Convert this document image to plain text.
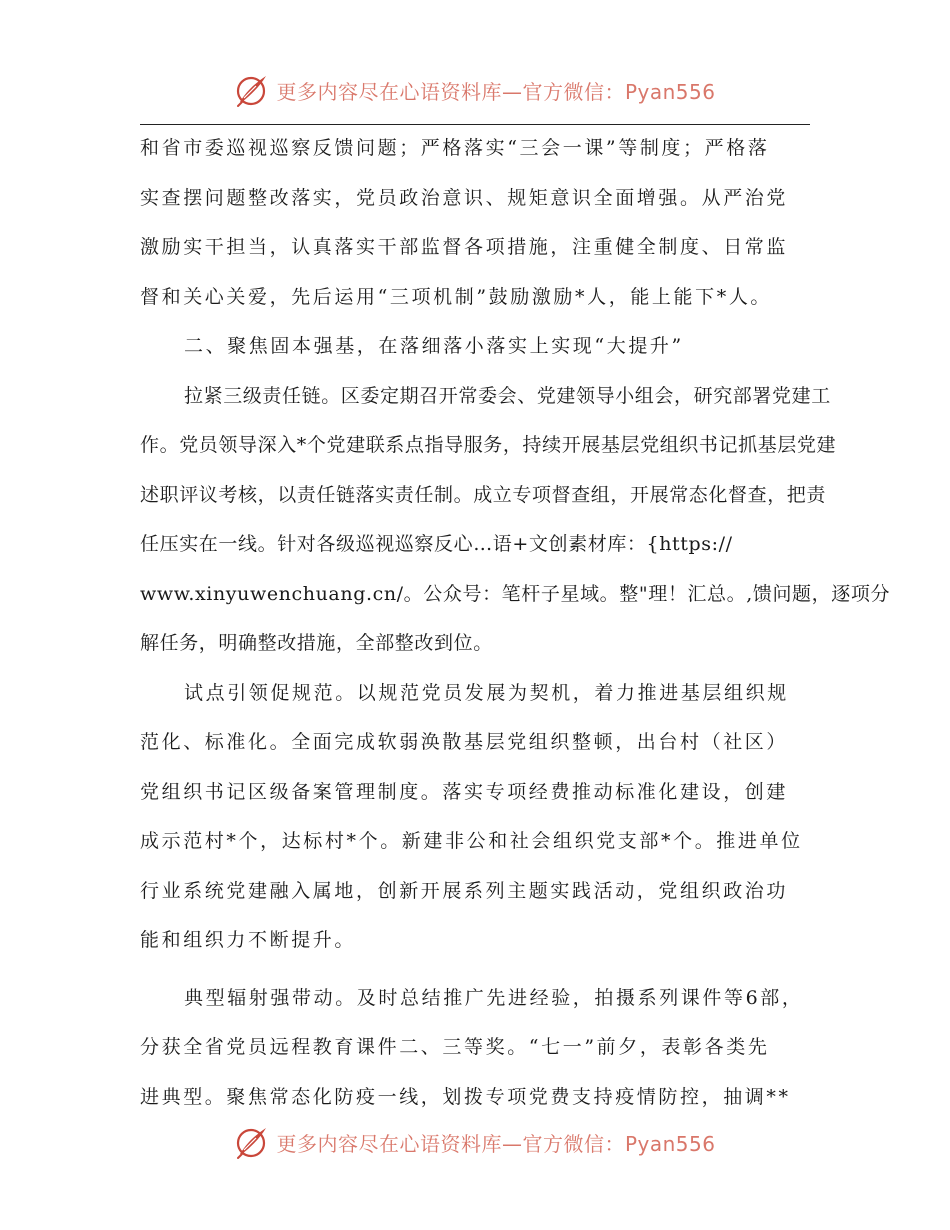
更多内容尽在心语资料库—官方微信：Pyan556
和省市委巡视巡察反馈问题；严格落实“三会一课”等制度；严格落
实查摆问题整改落实，党员政治意识、规矩意识全面增强。从严治党
激励实干担当，认真落实干部监督各项措施，注重健全制度、日常监
督和关心关爱，先后运用“三项机制”鼓励激励*人，能上能下*人。
二、聚焦固本强基，在落细落小落实上实现“大提升”
拉紧三级责任链。区委定期召开常委会、党建领导小组会，研究部署党建工
作。党员领导深入*个党建联系点指导服务，持续开展基层党组织书记抓基层党建
述职评议考核，以责任链落实责任制。成立专项督查组，开展常态化督查，把责
任压实在一线。针对各级巡视巡察反心…语+文创素材库：{https://
www.xinyuwenchuang.cn/。公众号：笔杆子星域。整"理！汇总。,馈问题，逐项分
解任务，明确整改措施，全部整改到位。
试点引领促规范。以规范党员发展为契机，着力推进基层组织规
范化、标准化。全面完成软弱涣散基层党组织整顿，出台村（社区）
党组织书记区级备案管理制度。落实专项经费推动标准化建设，创建
成示范村*个，达标村*个。新建非公和社会组织党支部*个。推进单位
行业系统党建融入属地，创新开展系列主题实践活动，党组织政治功
能和组织力不断提升。
典型辐射强带动。及时总结推广先进经验，拍摄系列课件等6部，
分获全省党员远程教育课件二、三等奖。“七一”前夕，表彰各类先
进典型。聚焦常态化防疫一线，划拨专项党费支持疫情防控，抽调**
更多内容尽在心语资料库—官方微信：Pyan556
